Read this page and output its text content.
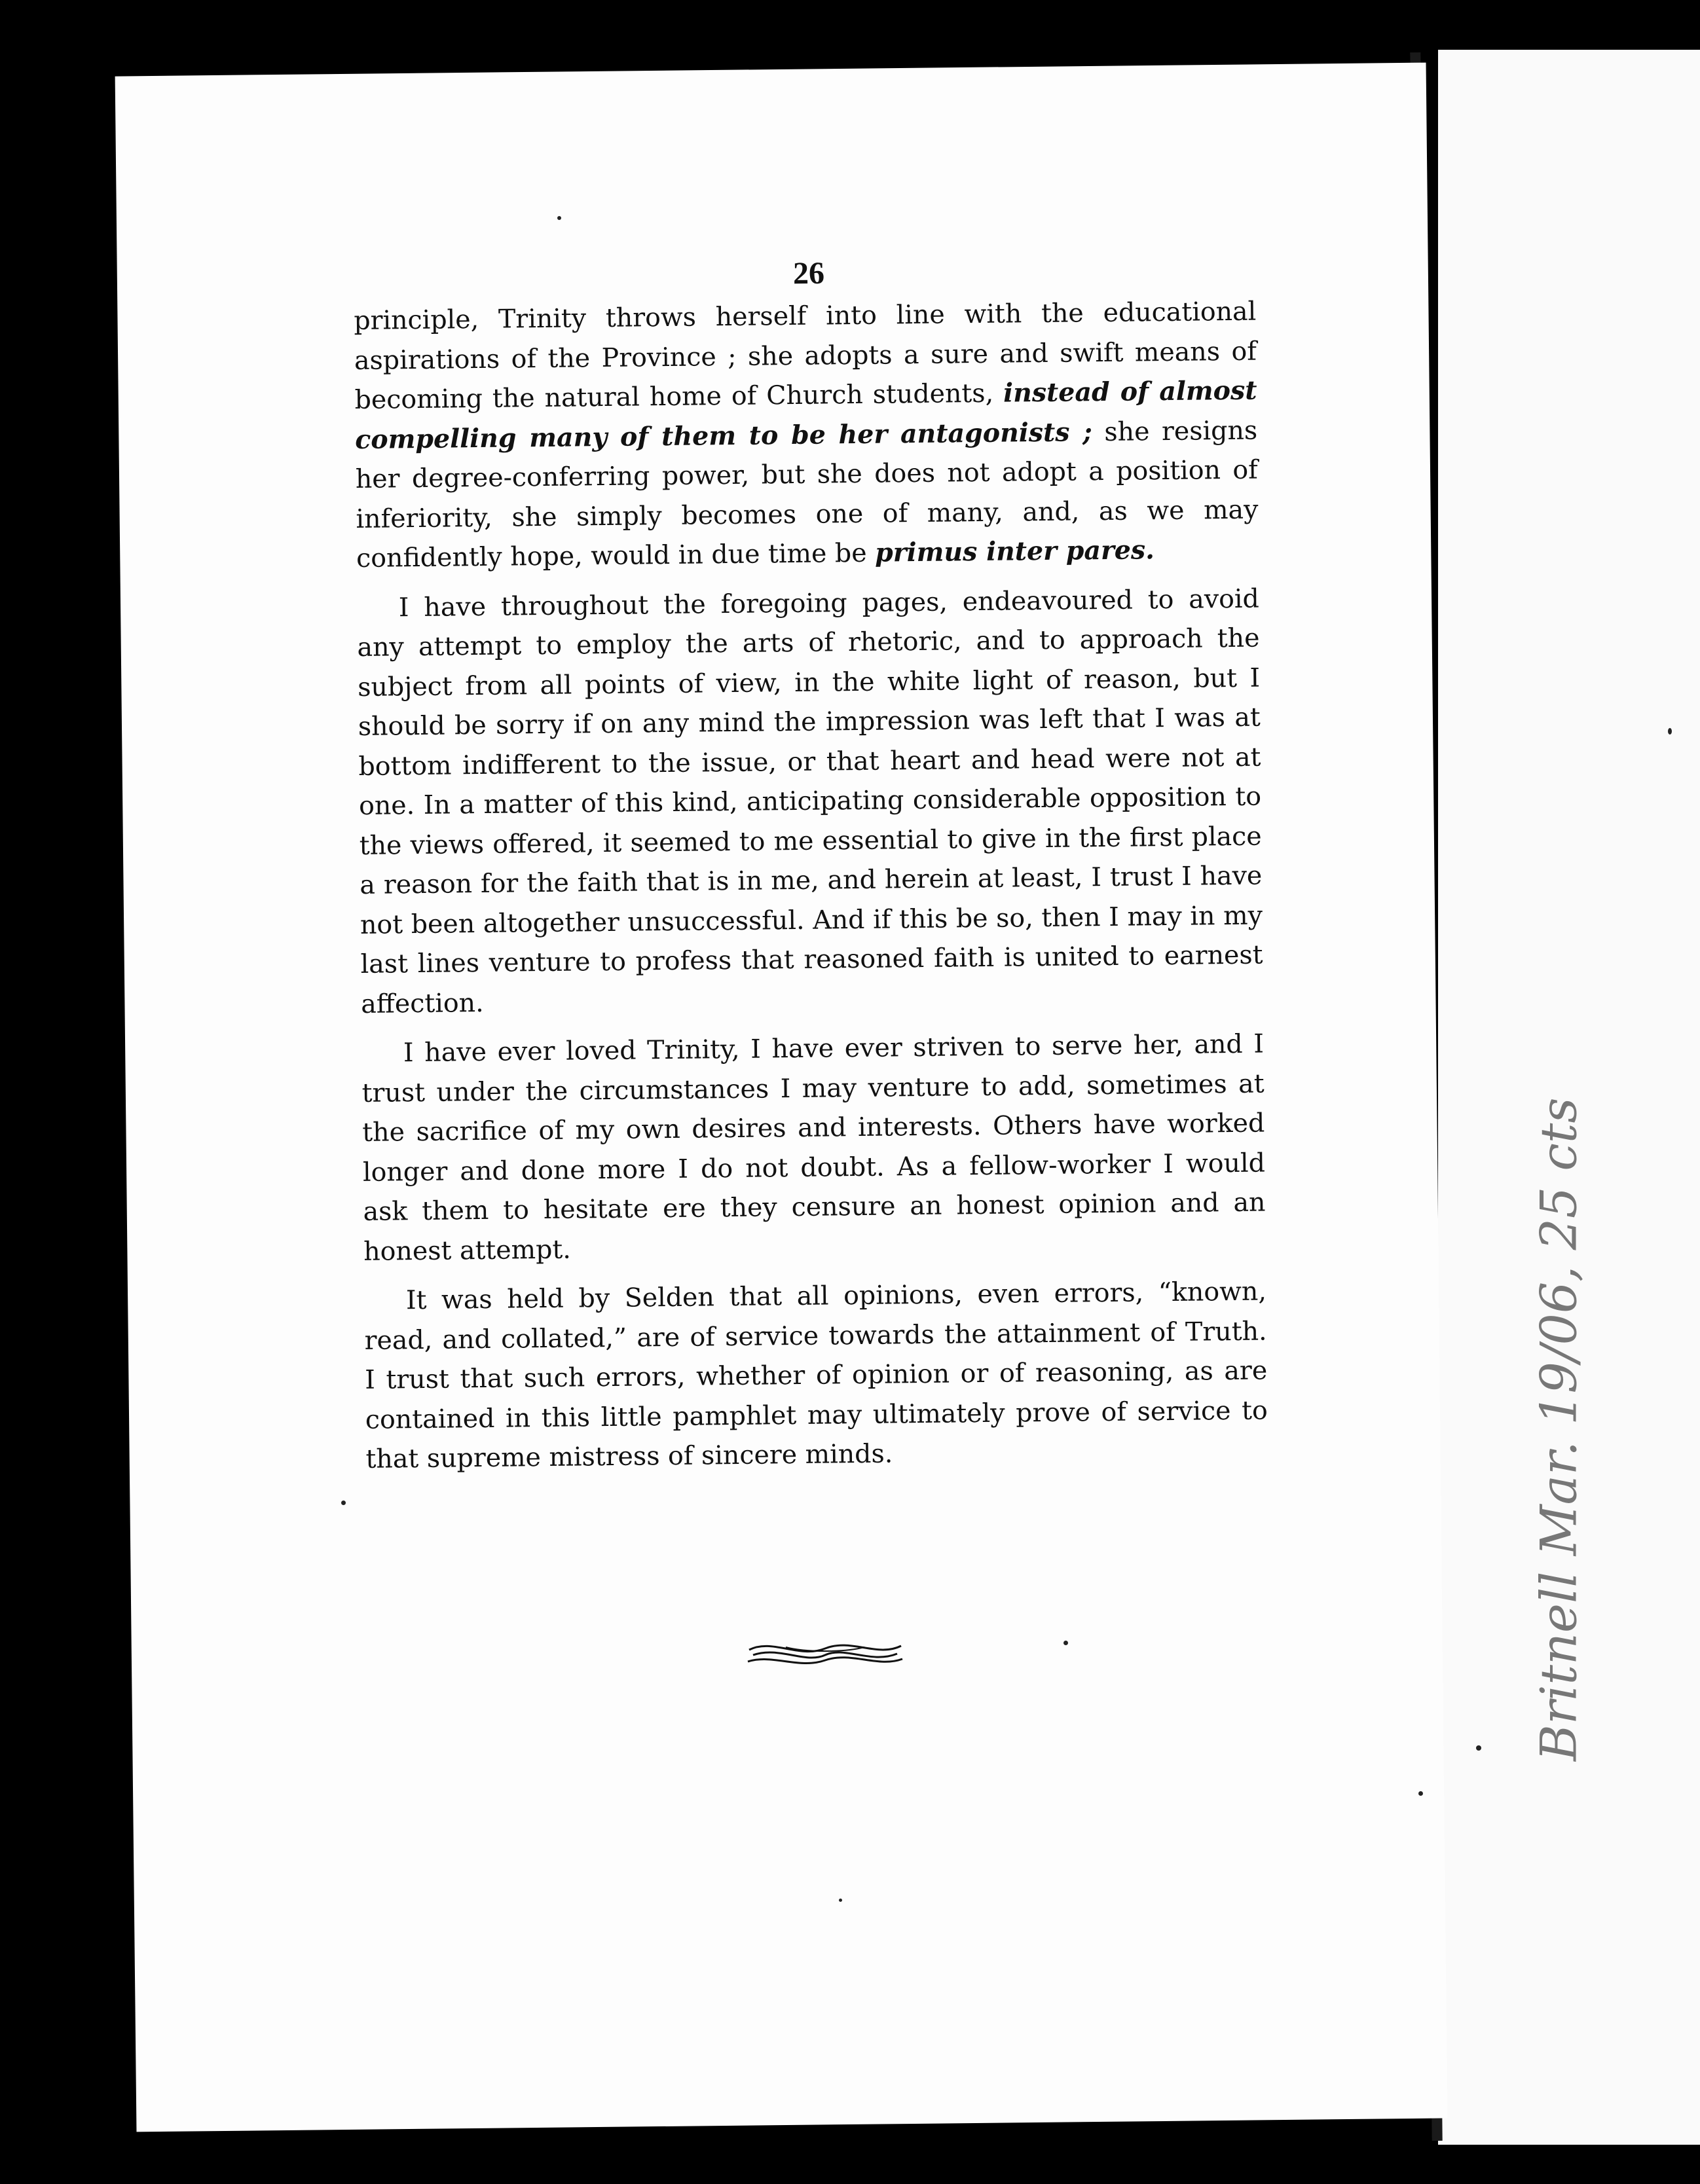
26

principle, Trinity throws herself into line with the educational aspirations of the Province ; she adopts a sure and swift means of becoming the natural home of Church students, instead of almost compelling many of them to be her antagonists ; she resigns her degree-conferring power, but she does not adopt a position of inferiority, she simply becomes one of many, and, as we may confidently hope, would in due time be primus inter pares.

I have throughout the foregoing pages, endeavoured to avoid any attempt to employ the arts of rhetoric, and to approach the subject from all points of view, in the white light of reason, but I should be sorry if on any mind the impression was left that I was at bottom indifferent to the issue, or that heart and head were not at one. In a matter of this kind, anticipating considerable opposition to the views offered, it seemed to me essential to give in the first place a reason for the faith that is in me, and herein at least, I trust I have not been altogether unsuccessful. And if this be so, then I may in my last lines venture to profess that reasoned faith is united to earnest affection.

I have ever loved Trinity, I have ever striven to serve her, and I trust under the circumstances I may venture to add, sometimes at the sacrifice of my own desires and interests. Others have worked longer and done more I do not doubt. As a fellow-worker I would ask them to hesitate ere they censure an honest opinion and an honest attempt.

It was held by Selden that all opinions, even errors, “known, read, and collated,” are of service towards the attainment of Truth. I trust that such errors, whether of opinion or of reasoning, as are contained in this little pamphlet may ultimately prove of service to that supreme mistress of sincere minds.	Britnell Mar. 19/06, 25 cts
